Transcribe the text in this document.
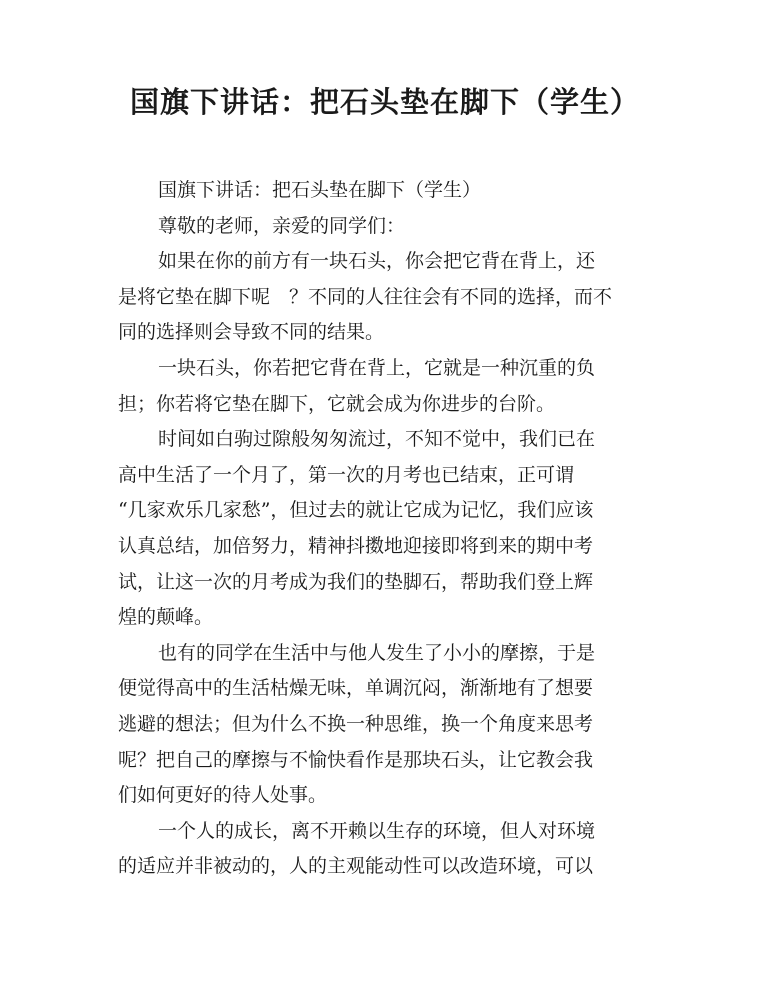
国旗下讲话：把石头垫在脚下（学生）
国旗下讲话：把石头垫在脚下（学生）
尊敬的老师，亲爱的同学们：
如果在你的前方有一块石头，你会把它背在背上，还
是将它垫在脚下呢　？不同的人往往会有不同的选择，而不
同的选择则会导致不同的结果。
一块石头，你若把它背在背上，它就是一种沉重的负
担；你若将它垫在脚下，它就会成为你进步的台阶。
时间如白驹过隙般匆匆流过，不知不觉中，我们已在
高中生活了一个月了，第一次的月考也已结束，正可谓
“几家欢乐几家愁”，但过去的就让它成为记忆，我们应该
认真总结，加倍努力，精神抖擞地迎接即将到来的期中考
试，让这一次的月考成为我们的垫脚石，帮助我们登上辉
煌的颠峰。
也有的同学在生活中与他人发生了小小的摩擦，于是
便觉得高中的生活枯燥无味，单调沉闷，渐渐地有了想要
逃避的想法；但为什么不换一种思维，换一个角度来思考
呢？把自己的摩擦与不愉快看作是那块石头，让它教会我
们如何更好的待人处事。
一个人的成长，离不开赖以生存的环境，但人对环境
的适应并非被动的，人的主观能动性可以改造环境，可以
